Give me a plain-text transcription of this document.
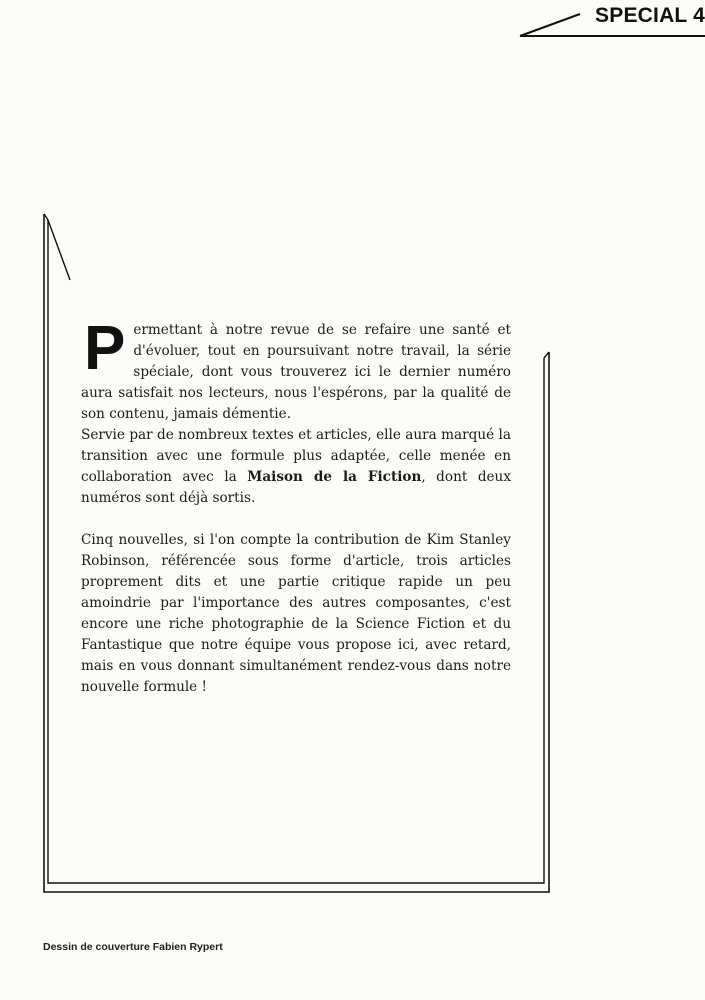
SPECIAL 4
P ermettant à notre revue de se refaire une santé et d'évoluer, tout en poursuivant notre travail, la série spéciale, dont vous trouverez ici le dernier numéro aura satisfait nos lecteurs, nous l'espérons, par la qualité de son contenu, jamais démentie.

Servie par de nombreux textes et articles, elle aura marqué la transition avec une formule plus adaptée, celle menée en collaboration avec la Maison de la Fiction, dont deux numéros sont déjà sortis.

Cinq nouvelles, si l'on compte la contribution de Kim Stanley Robinson, référencée sous forme d'article, trois articles proprement dits et une partie critique rapide un peu amoindrie par l'importance des autres composantes, c'est encore une riche photographie de la Science Fiction et du Fantastique que notre équipe vous propose ici, avec retard, mais en vous donnant simultanément rendez-vous dans notre nouvelle formule !

Dessin de couverture Fabien Rypert
